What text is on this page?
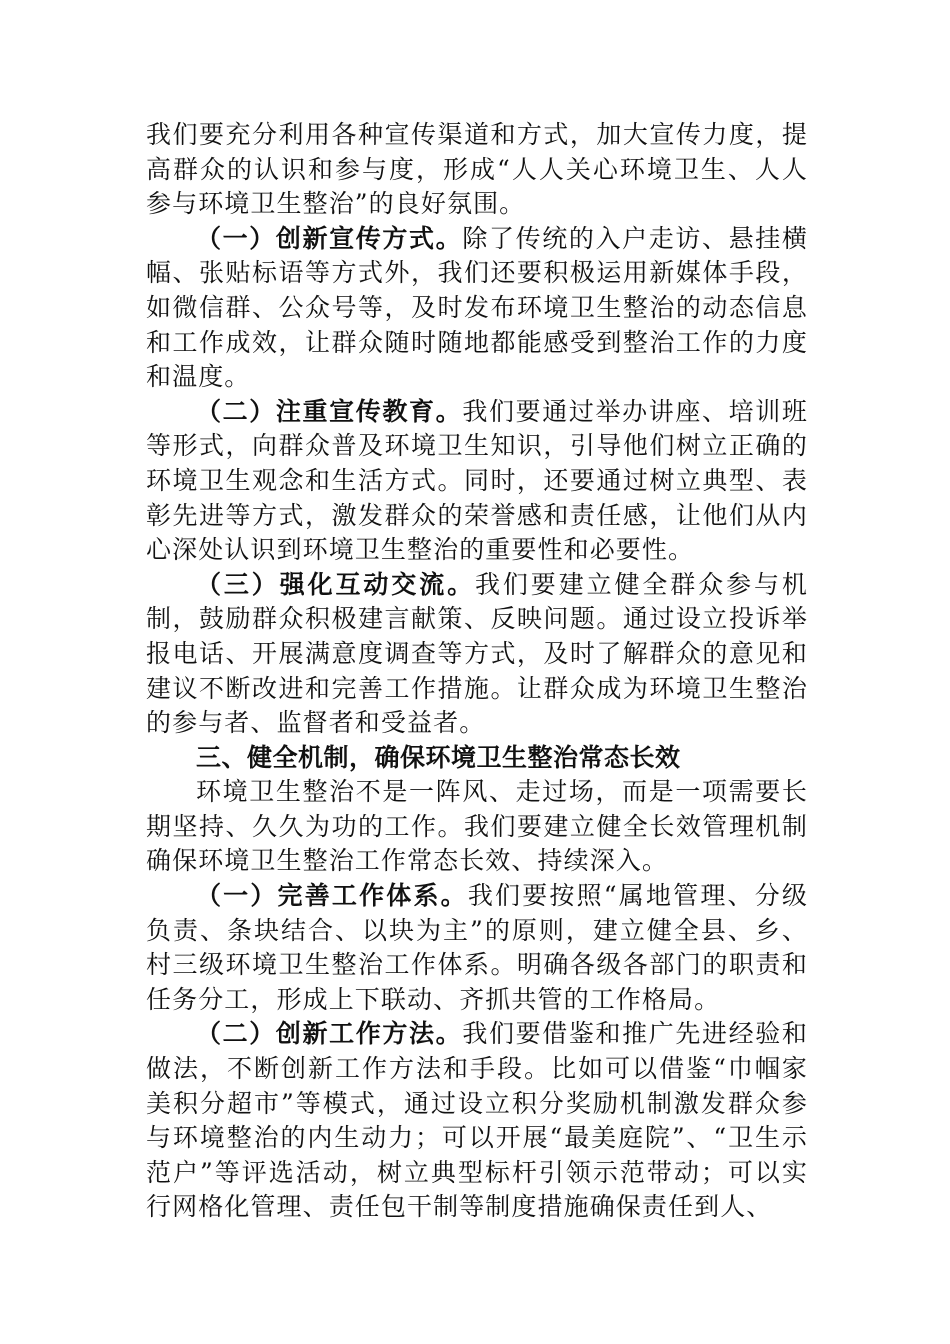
我们要充分利用各种宣传渠道和方式，加大宣传力度，提高群众的认识和参与度，形成“人人关心环境卫生、人人参与环境卫生整治”的良好氛围。

（一）创新宣传方式。除了传统的入户走访、悬挂横幅、张贴标语等方式外，我们还要积极运用新媒体手段，如微信群、公众号等，及时发布环境卫生整治的动态信息和工作成效，让群众随时随地都能感受到整治工作的力度和温度。

（二）注重宣传教育。我们要通过举办讲座、培训班等形式，向群众普及环境卫生知识，引导他们树立正确的环境卫生观念和生活方式。同时，还要通过树立典型、表彰先进等方式，激发群众的荣誉感和责任感，让他们从内心深处认识到环境卫生整治的重要性和必要性。

（三）强化互动交流。我们要建立健全群众参与机制，鼓励群众积极建言献策、反映问题。通过设立投诉举报电话、开展满意度调查等方式，及时了解群众的意见和建议不断改进和完善工作措施。让群众成为环境卫生整治的参与者、监督者和受益者。

三、健全机制，确保环境卫生整治常态长效

环境卫生整治不是一阵风、走过场，而是一项需要长期坚持、久久为功的工作。我们要建立健全长效管理机制确保环境卫生整治工作常态长效、持续深入。

（一）完善工作体系。我们要按照“属地管理、分级负责、条块结合、以块为主”的原则，建立健全县、乡、村三级环境卫生整治工作体系。明确各级各部门的职责和任务分工，形成上下联动、齐抓共管的工作格局。

（二）创新工作方法。我们要借鉴和推广先进经验和做法，不断创新工作方法和手段。比如可以借鉴“巾帼家美积分超市”等模式，通过设立积分奖励机制激发群众参与环境整治的内生动力；可以开展“最美庭院”、“卫生示范户”等评选活动，树立典型标杆引领示范带动；可以实行网格化管理、责任包干制等制度措施确保责任到人、
